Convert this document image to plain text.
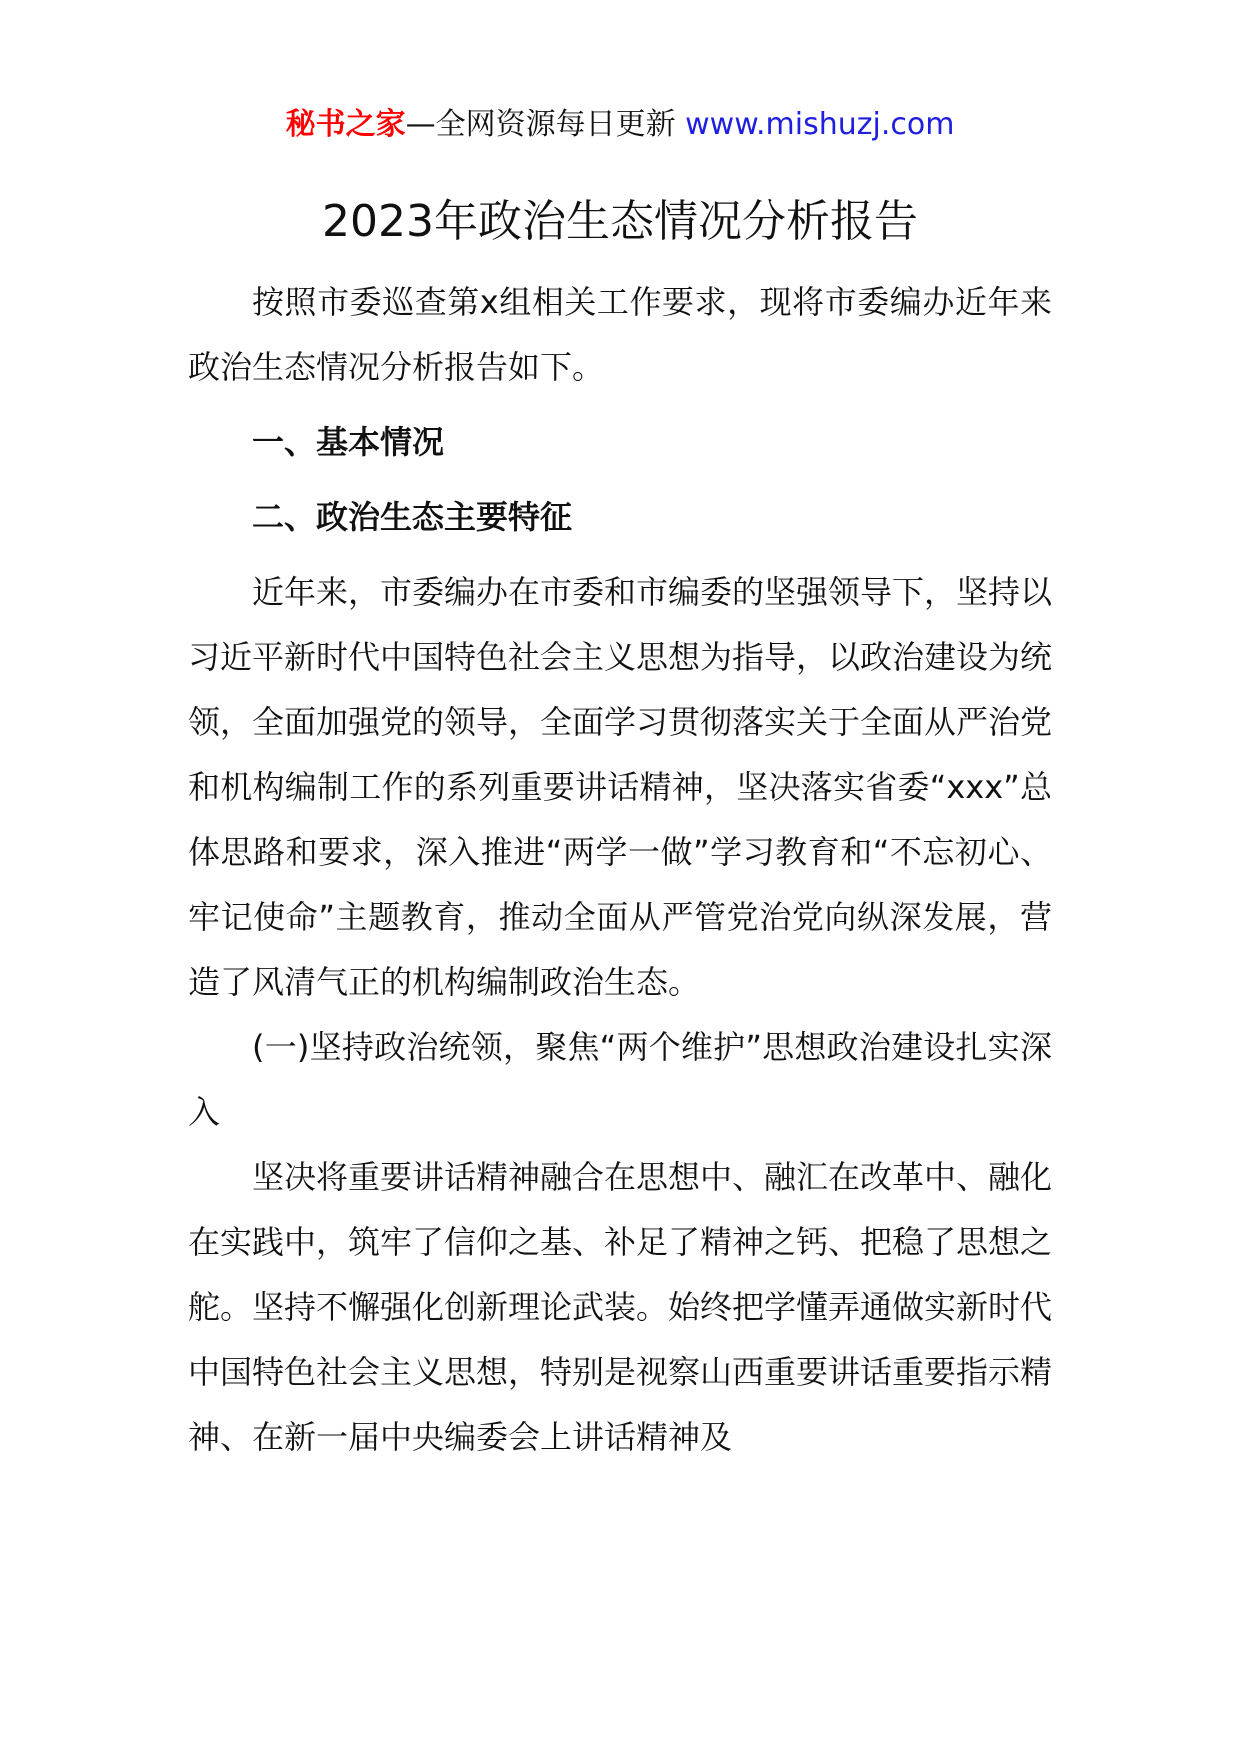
秘书之家—全网资源每日更新 www.mishuzj.com
2023年政治生态情况分析报告

按照市委巡查第x组相关工作要求，现将市委编办近年来政治生态情况分析报告如下。

一、基本情况

二、政治生态主要特征

近年来，市委编办在市委和市编委的坚强领导下，坚持以习近平新时代中国特色社会主义思想为指导，以政治建设为统领，全面加强党的领导，全面学习贯彻落实关于全面从严治党和机构编制工作的系列重要讲话精神，坚决落实省委“xxx”总体思路和要求，深入推进“两学一做”学习教育和“不忘初心、牢记使命”主题教育，推动全面从严管党治党向纵深发展，营造了风清气正的机构编制政治生态。

(一)坚持政治统领，聚焦“两个维护”思想政治建设扎实深入

坚决将重要讲话精神融合在思想中、融汇在改革中、融化在实践中，筑牢了信仰之基、补足了精神之钙、把稳了思想之舵。坚持不懈强化创新理论武装。始终把学懂弄通做实新时代中国特色社会主义思想，特别是视察山西重要讲话重要指示精神、在新一届中央编委会上讲话精神及
